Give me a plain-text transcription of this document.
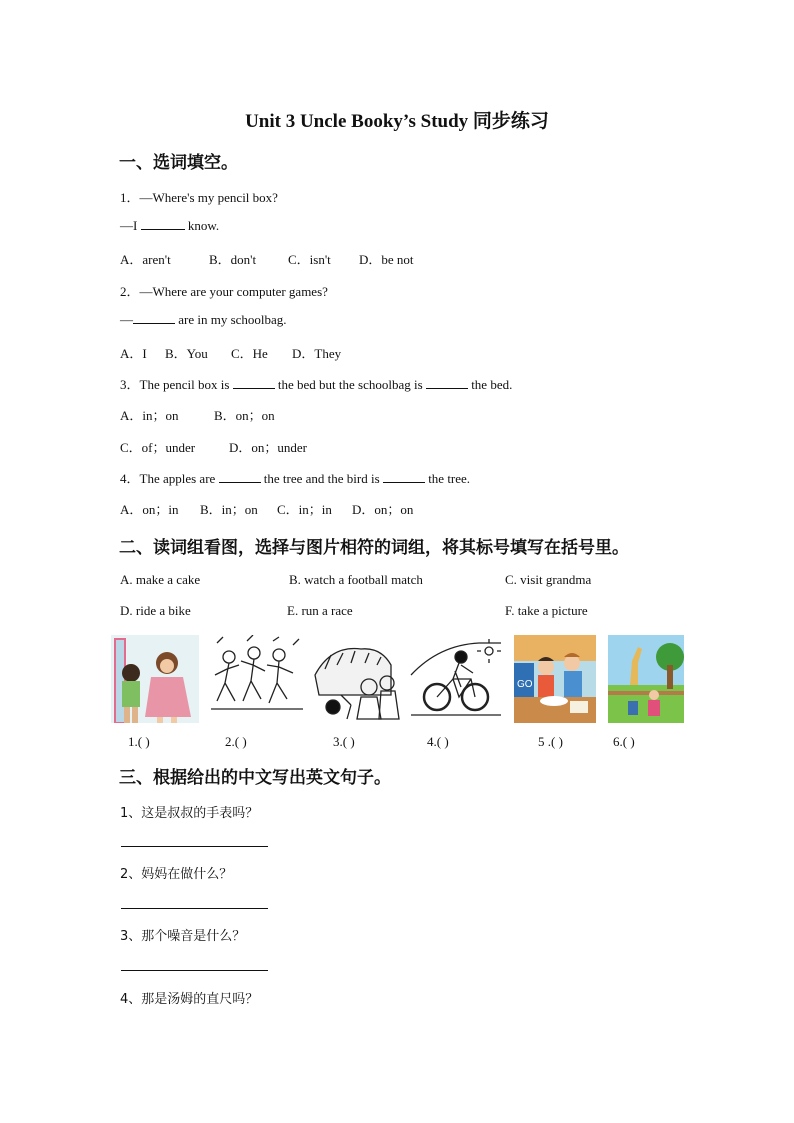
Unit 3 Uncle Booky’s Study 同步练习
一、选词填空。
1．—Where's my pencil box?
—I	know.
A．aren't	B．don't C．isn't D．be not
2．—Where are your computer games?
—	are in my schoolbag.
A．I B．You C．He D．They
3．The pencil box is	the bed but the schoolbag is	the bed.
A．in；on	B．on；on
C．of；under	D．on；under
4．The apples are	the tree and the bird is	the tree.
A．on；in B．in；on C．in；in D．on；on
二、读词组看图，选择与图片相符的词组，将其标号填写在括号里。
A. make a cake	B. watch a football match	C. visit grandma
D. ride a bike	E. run a race	F. take a picture
GO
1.( )	2.( )	3.( )	4.( )	5 .( )	6.( )
三、根据给出的中文写出英文句子。
1、这是叔叔的手表吗？
2、妈妈在做什么？
3、那个噪音是什么？
4、那是汤姆的直尺吗？
